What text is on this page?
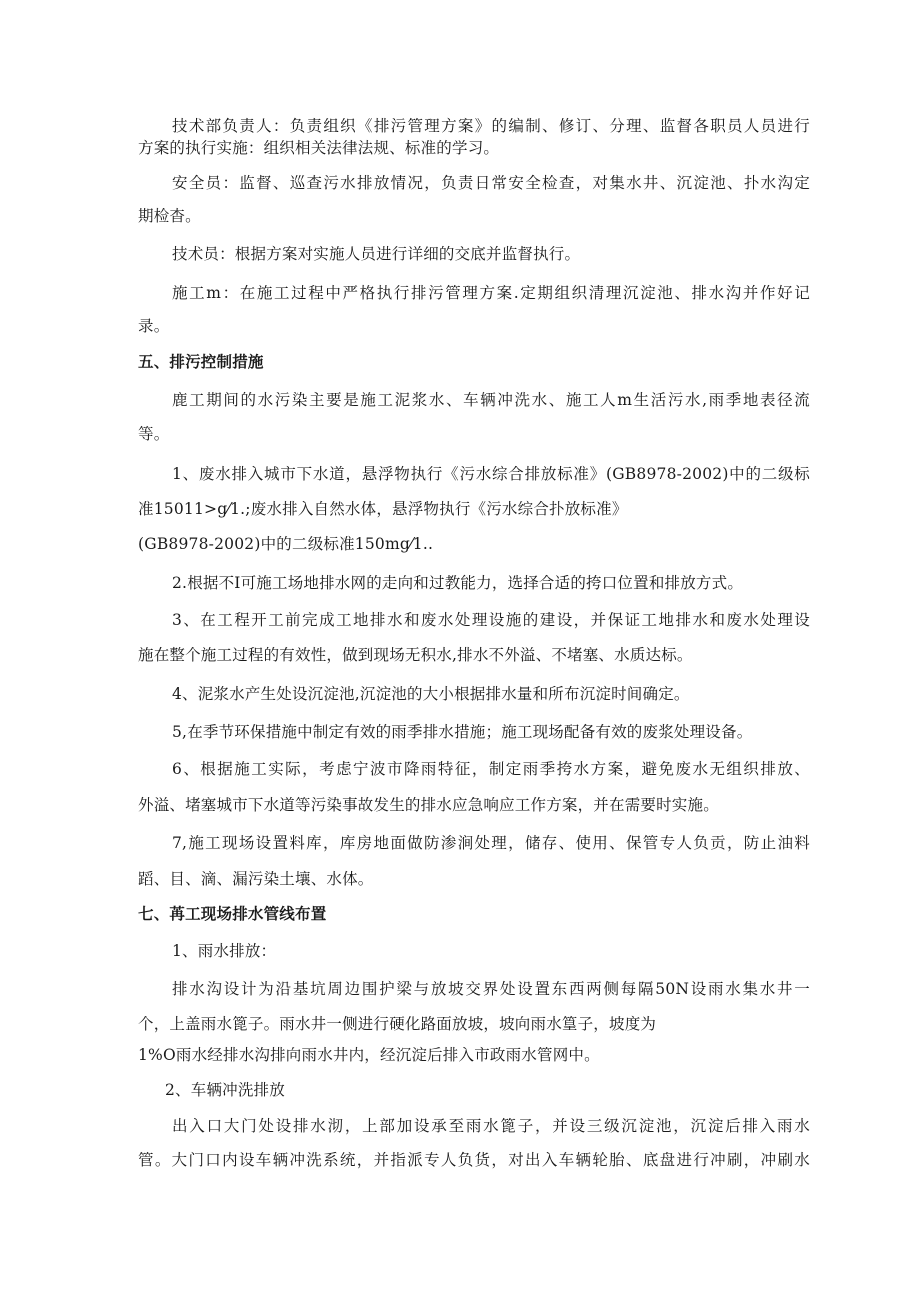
技术部负责人：负责组织《排污管理方案》的编制、修订、分理、监督各职员人员进行
方案的执行实施：组织相关法律法规、标准的学习。
安全员：监督、巡查污水排放情况，负责日常安全检查，对集水井、沉淀池、扑水沟定
期检杳。
技术员：根据方案对实施人员进行详细的交底并监督执行。
施工m：在施工过程中严格执行排污管理方案.定期组织清理沉淀池、排水沟并作好记
录。
五、排污控制措施
鹿工期间的水污染主要是施工泥浆水、车辆冲洗水、施工人m生活污水,雨季地表径流
等。
1、废水排入城市下水道，悬浮物执行《污水综合排放标准》(GB8978-2002)中的二级标
准15011>g⁄1.;废水排入自然水体，悬浮物执行《污水综合扑放标准》
(GB8978-2002)中的二级标准150mg⁄1..
2.根据不I可施工场地排水网的走向和过教能力，选择合适的挎口位置和排放方式。
3、在工程开工前完成工地排水和废水处理设施的建设，并保证工地排水和废水处理设
施在整个施工过程的有效性，做到现场无积水,排水不外溢、不堵塞、水质达标。
4、泥浆水产生处设沉淀池,沉淀池的大小根据排水量和所布沉淀时间确定。
5,在季节环保措施中制定有效的雨季排水措施；施工现场配备有效的废浆处理设备。
6、根据施工实际，考虑宁波市降雨特征，制定雨季挎水方案，避免废水无组织排放、
外溢、堵塞城市下水道等污染事故发生的排水应急响应工作方案，并在需要时实施。
7,施工现场设置料库，库房地面做防渗涧处理，储存、使用、保管专人负贡，防止油料
蹈、目、滴、漏污染土壤、水体。
七、苒工现场排水管线布置
1、雨水排放：
排水沟设计为沿基坑周边围护梁与放坡交界处设置东西两侧每隔50N设雨水集水井一
个，上盖雨水篦子。雨水井一侧进行硬化路面放坡，坡向雨水篁子，坡度为
1%O雨水经排水沟排向雨水井内，经沉淀后排入市政雨水管网中。
2、车辆冲洗排放
出入口大门处设排水沏，上部加设承至雨水篦子，并设三级沉淀池，沉淀后排入雨水
管。大门口内设车辆冲洗系统，并指派专人负货，对出入车辆轮胎、底盘进行冲刷，冲刷水
